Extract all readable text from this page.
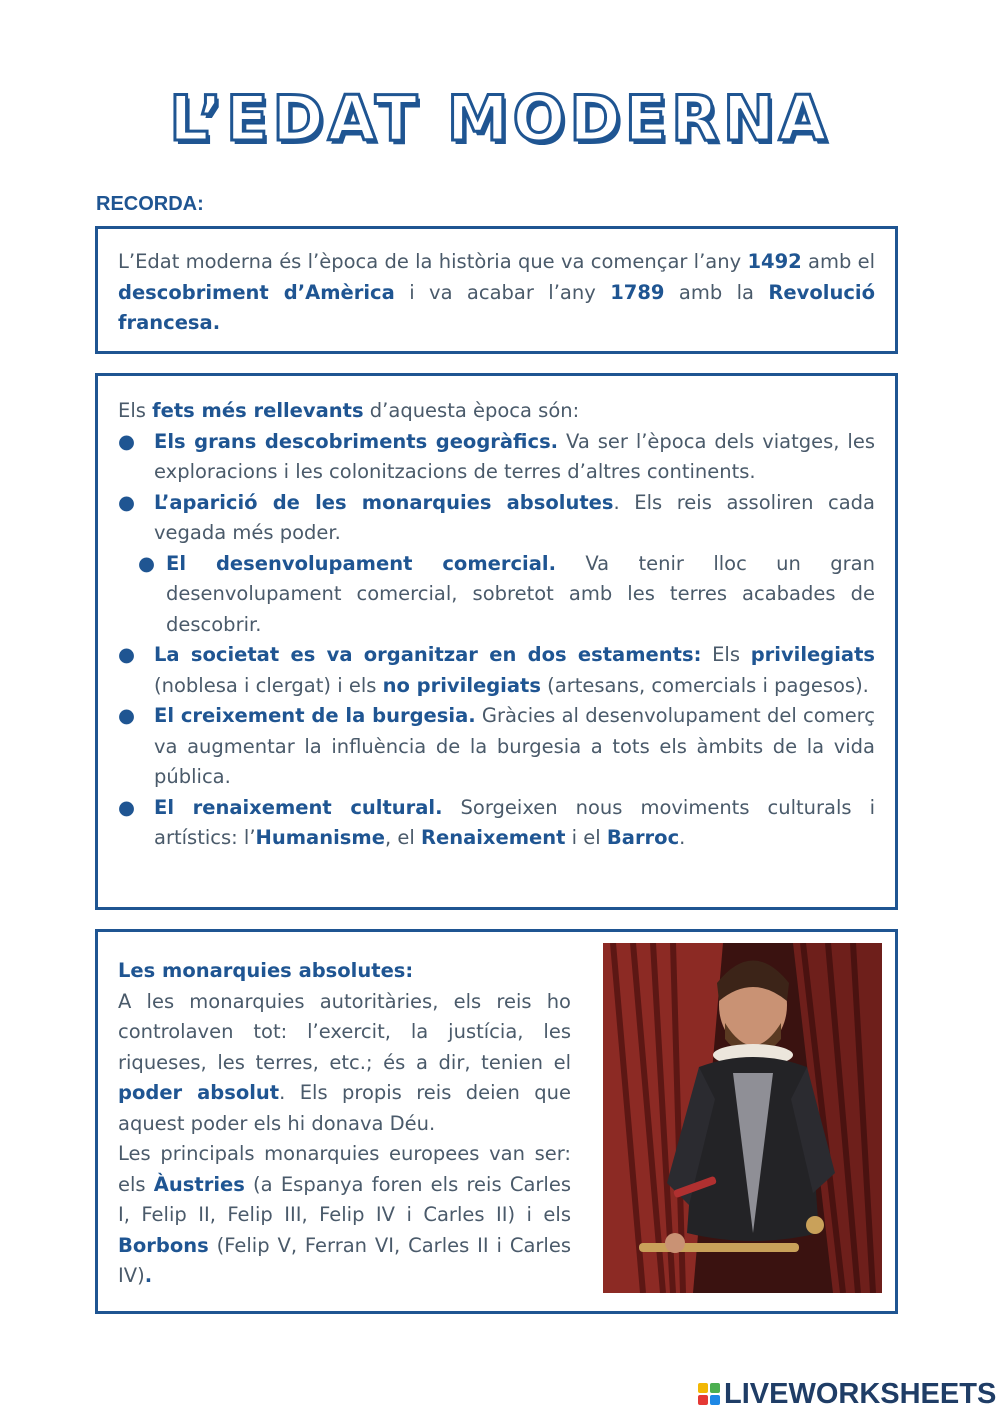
L’EDAT MODERNA
RECORDA:
L’Edat moderna és l’època de la història que va començar l’any 1492 amb el descobriment d’Amèrica i va acabar l’any 1789 amb la Revolució francesa.

Els fets més rellevants d’aquesta època són:

● Els grans descobriments geogràfics. Va ser l’època dels viatges, les exploracions i les colonitzacions de terres d’altres continents.
● L’aparició de les monarquies absolutes. Els reis assoliren cada vegada més poder.
● El desenvolupament comercial. Va tenir lloc un gran desenvolupament comercial, sobretot amb les terres acabades de descobrir.
● La societat es va organitzar en dos estaments: Els privilegiats (noblesa i clergat) i els no privilegiats (artesans, comercials i pagesos).
● El creixement de la burgesia. Gràcies al desenvolupament del comerç va augmentar la influència de la burgesia a tots els àmbits de la vida pública.
● El renaixement cultural. Sorgeixen nous moviments culturals i artístics: l’Humanisme, el Renaixement i el Barroc.

Les monarquies absolutes:

A les monarquies autoritàries, els reis ho controlaven tot: l’exercit, la justícia, les riqueses, les terres, etc.; és a dir, tenien el poder absolut. Els propis reis deien que aquest poder els hi donava Déu.

Les principals monarquies europees van ser: els Àustries (a Espanya foren els reis Carles I, Felip II, Felip III, Felip IV i Carles II) i els Borbons (Felip V, Ferran VI, Carles II i Carles IV).

LIVEWORKSHEETS
